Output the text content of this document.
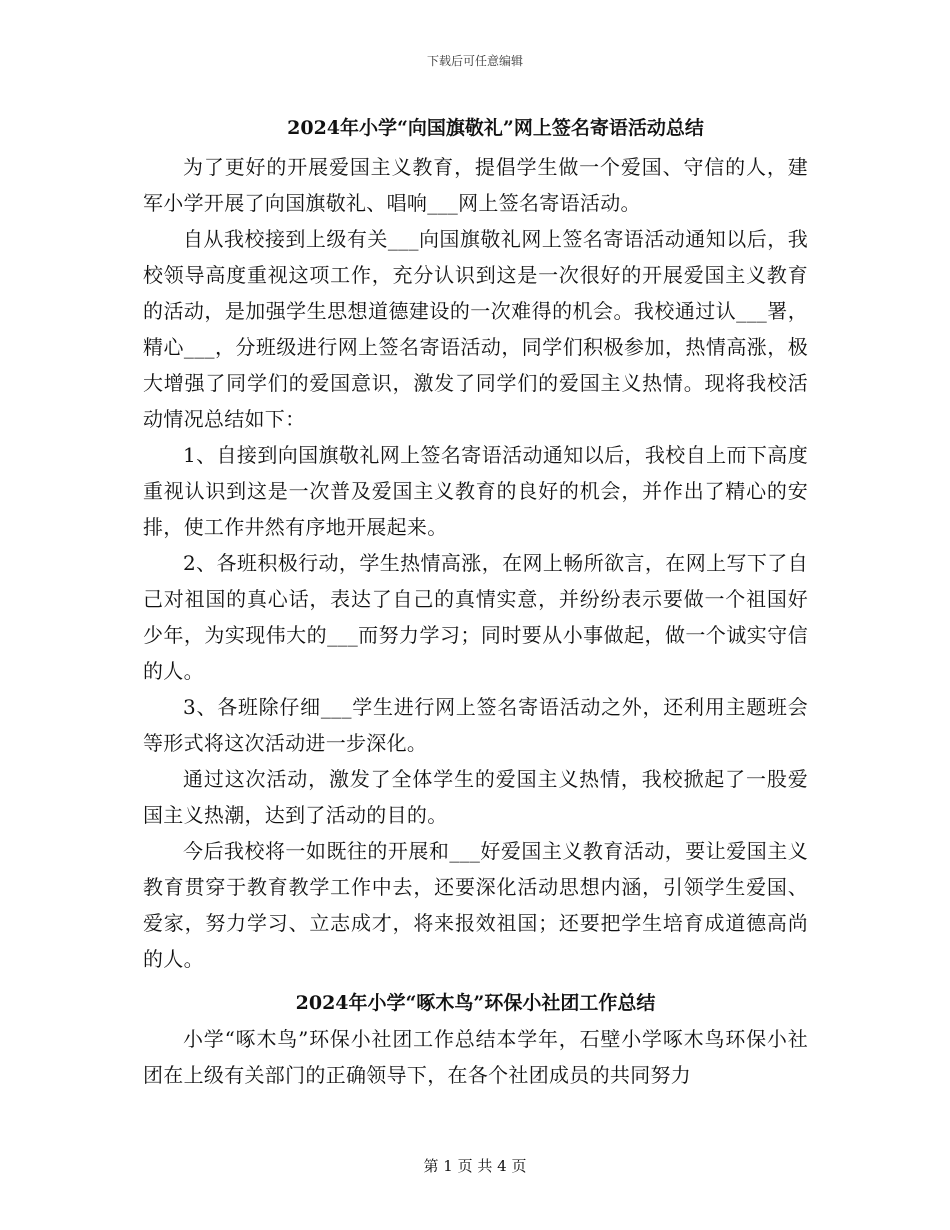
下载后可任意编辑
2024年小学“向国旗敬礼”网上签名寄语活动总结

为了更好的开展爱国主义教育，提倡学生做一个爱国、守信的人，建军小学开展了向国旗敬礼、唱响___网上签名寄语活动。

自从我校接到上级有关___向国旗敬礼网上签名寄语活动通知以后，我校领导高度重视这项工作，充分认识到这是一次很好的开展爱国主义教育的活动，是加强学生思想道德建设的一次难得的机会。我校通过认___署，精心___，分班级进行网上签名寄语活动，同学们积极参加，热情高涨，极大增强了同学们的爱国意识，激发了同学们的爱国主义热情。现将我校活动情况总结如下：

1、自接到向国旗敬礼网上签名寄语活动通知以后，我校自上而下高度重视认识到这是一次普及爱国主义教育的良好的机会，并作出了精心的安排，使工作井然有序地开展起来。

2、各班积极行动，学生热情高涨，在网上畅所欲言，在网上写下了自己对祖国的真心话，表达了自己的真情实意，并纷纷表示要做一个祖国好少年，为实现伟大的___而努力学习；同时要从小事做起，做一个诚实守信的人。

3、各班除仔细___学生进行网上签名寄语活动之外，还利用主题班会等形式将这次活动进一步深化。

通过这次活动，激发了全体学生的爱国主义热情，我校掀起了一股爱国主义热潮，达到了活动的目的。

今后我校将一如既往的开展和___好爱国主义教育活动，要让爱国主义教育贯穿于教育教学工作中去，还要深化活动思想内涵，引领学生爱国、爱家，努力学习、立志成才，将来报效祖国；还要把学生培育成道德高尚的人。

2024年小学“啄木鸟”环保小社团工作总结

小学“啄木鸟”环保小社团工作总结本学年，石壁小学啄木鸟环保小社团在上级有关部门的正确领导下，在各个社团成员的共同努力

第 1 页 共 4 页
